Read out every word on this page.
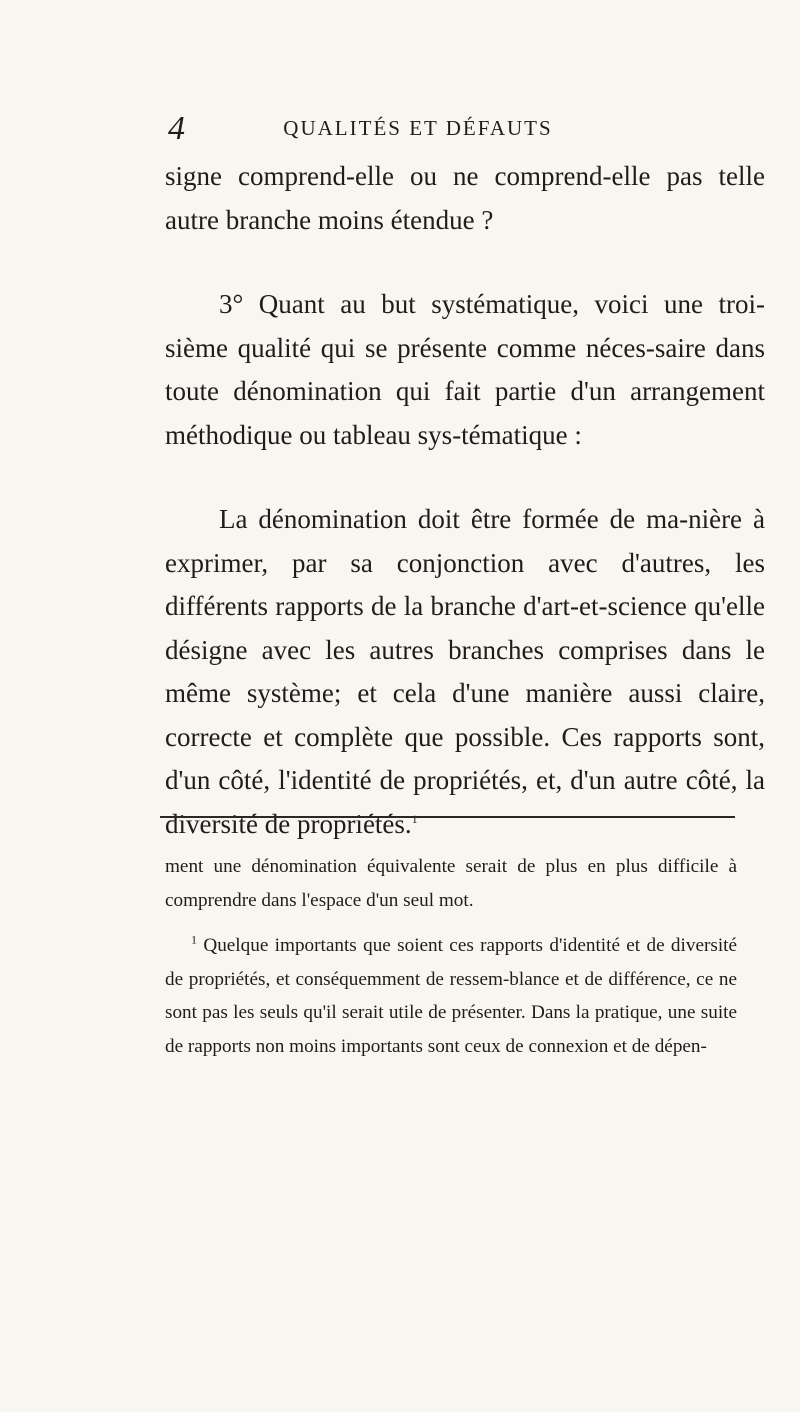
4	QUALITÉS ET DÉFAUTS

signe comprend-elle ou ne comprend-elle pas telle autre branche moins étendue ?

3° Quant au but systématique, voici une troi-sième qualité qui se présente comme néces-saire dans toute dénomination qui fait partie d'un arrangement méthodique ou tableau sys-tématique :

La dénomination doit être formée de ma-nière à exprimer, par sa conjonction avec d'autres, les différents rapports de la branche d'art-et-science qu'elle désigne avec les autres branches comprises dans le même système; et cela d'une manière aussi claire, correcte et complète que possible. Ces rapports sont, d'un côté, l'identité de propriétés, et, d'un autre côté, la diversité de propriétés.$^1$

ment une dénomination équivalente serait de plus en plus difficile à comprendre dans l'espace d'un seul mot.

$^1$ Quelque importants que soient ces rapports d'identité et de diversité de propriétés, et conséquemment de ressem-blance et de différence, ce ne sont pas les seuls qu'il serait utile de présenter. Dans la pratique, une suite de rapports non moins importants sont ceux de connexion et de dépen-
